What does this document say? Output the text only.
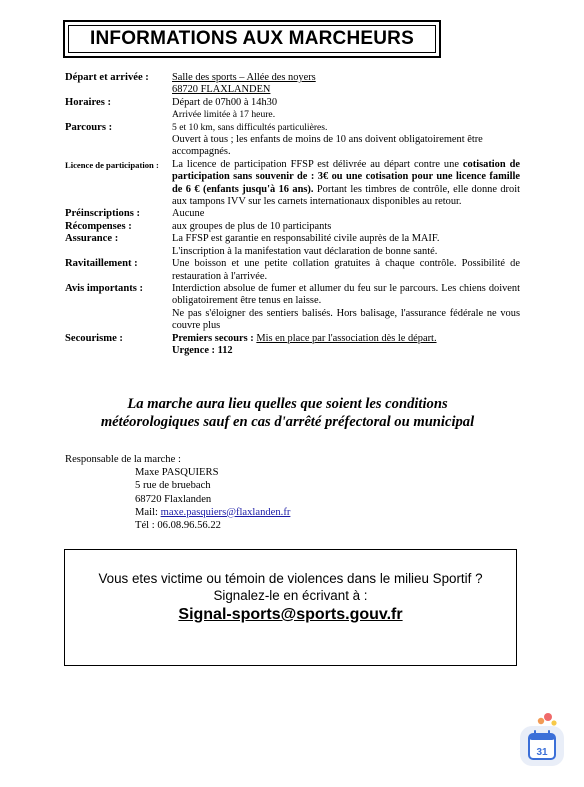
INFORMATIONS AUX MARCHEURS
Départ et arrivée :	Salle des sports – Allée des noyers
68720 FLAXLANDEN
Horaires :	Départ de 07h00 à 14h30
Arrivée limitée à 17 heure.
Parcours :	5 et 10 km, sans difficultés particulières.
Ouvert à tous ; les enfants de moins de 10 ans doivent obligatoirement être accompagnés.
Licence de participation :	La licence de participation FFSP est délivrée au départ contre une cotisation de participation sans souvenir de : 3€ ou une cotisation pour une licence famille de 6 € (enfants jusqu'à 16 ans). Portant les timbres de contrôle, elle donne droit aux tampons IVV sur les carnets internationaux disponibles au retour.
Préinscriptions :	Aucune
Récompenses :	aux groupes de plus de 10 participants
Assurance :	La FFSP est garantie en responsabilité civile auprès de la MAIF.
L'inscription à la manifestation vaut déclaration de bonne santé.
Ravitaillement :	Une boisson et une petite collation gratuites à chaque contrôle. Possibilité de restauration à l'arrivée.
Avis importants :	Interdiction absolue de fumer et allumer du feu sur le parcours. Les chiens doivent obligatoirement être tenus en laisse.
Ne pas s'éloigner des sentiers balisés. Hors balisage, l'assurance fédérale ne vous couvre plus
Secourisme :	Premiers secours : Mis en place par l'association dès le départ.
Urgence : 112
La marche aura lieu quelles que soient les conditions
météorologiques sauf en cas d'arrêté préfectoral ou municipal
Responsable de la marche :
Maxe PASQUIERS
5 rue de bruebach
68720 Flaxlanden
Mail: maxe.pasquiers@flaxlanden.fr
Tél : 06.08.96.56.22
Vous etes victime ou témoin de violences dans le milieu Sportif ?
Signalez-le en écrivant à :
Signal-sports@sports.gouv.fr
31
